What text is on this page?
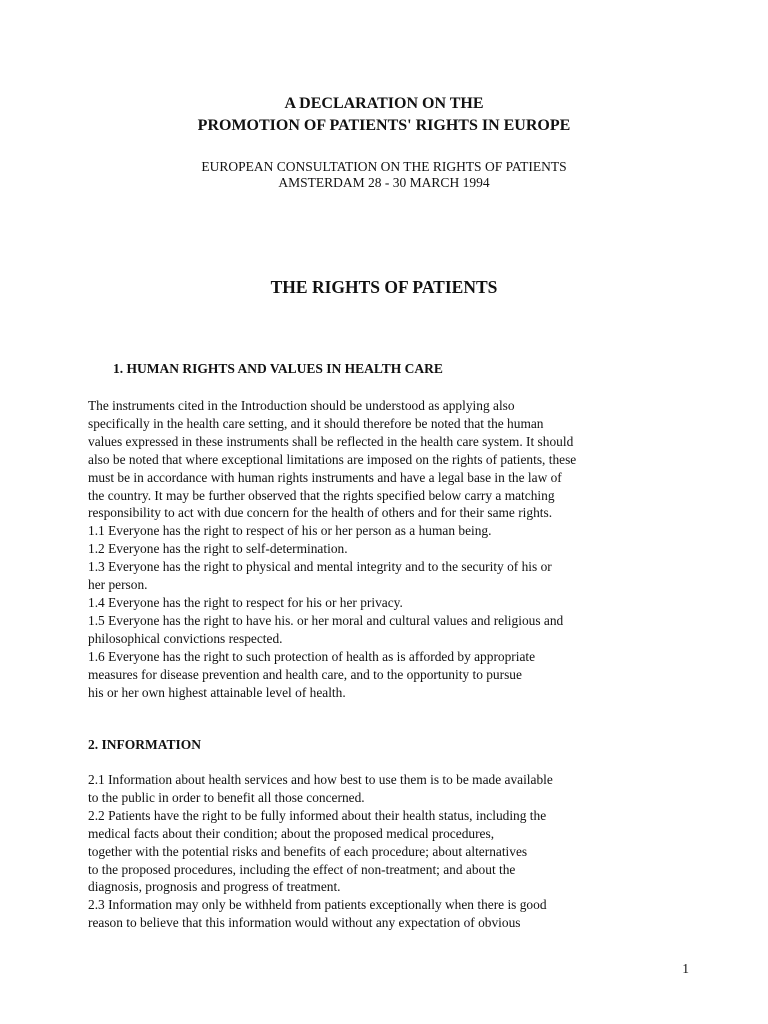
A DECLARATION ON THE
PROMOTION OF PATIENTS' RIGHTS IN EUROPE
EUROPEAN CONSULTATION ON THE RIGHTS OF PATIENTS
AMSTERDAM 28 - 30 MARCH 1994
THE RIGHTS OF PATIENTS
1. HUMAN RIGHTS AND VALUES IN HEALTH CARE
The instruments cited in the Introduction should be understood as applying also
specifically in the health care setting, and it should therefore be noted that the human
values expressed in these instruments shall be reflected in the health care system. It should
also be noted that where exceptional limitations are imposed on the rights of patients, these
must be in accordance with human rights instruments and have a legal base in the law of
the country. It may be further observed that the rights specified below carry a matching
responsibility to act with due concern for the health of others and for their same rights.
1.1 Everyone has the right to respect of his or her person as a human being.
1.2 Everyone has the right to self-determination.
1.3 Everyone has the right to physical and mental integrity and to the security of his or
her person.
1.4 Everyone has the right to respect for his or her privacy.
1.5 Everyone has the right to have his. or her moral and cultural values and religious and
philosophical convictions respected.
1.6 Everyone has the right to such protection of health as is afforded by appropriate
measures for disease prevention and health care, and to the opportunity to pursue
his or her own highest attainable level of health.
2. INFORMATION
2.1 Information about health services and how best to use them is to be made available
to the public in order to benefit all those concerned.
2.2 Patients have the right to be fully informed about their health status, including the
medical facts about their condition; about the proposed medical procedures,
together with the potential risks and benefits of each procedure; about alternatives
to the proposed procedures, including the effect of non-treatment; and about the
diagnosis, prognosis and progress of treatment.
2.3 Information may only be withheld from patients exceptionally when there is good
reason to believe that this information would without any expectation of obvious
1
